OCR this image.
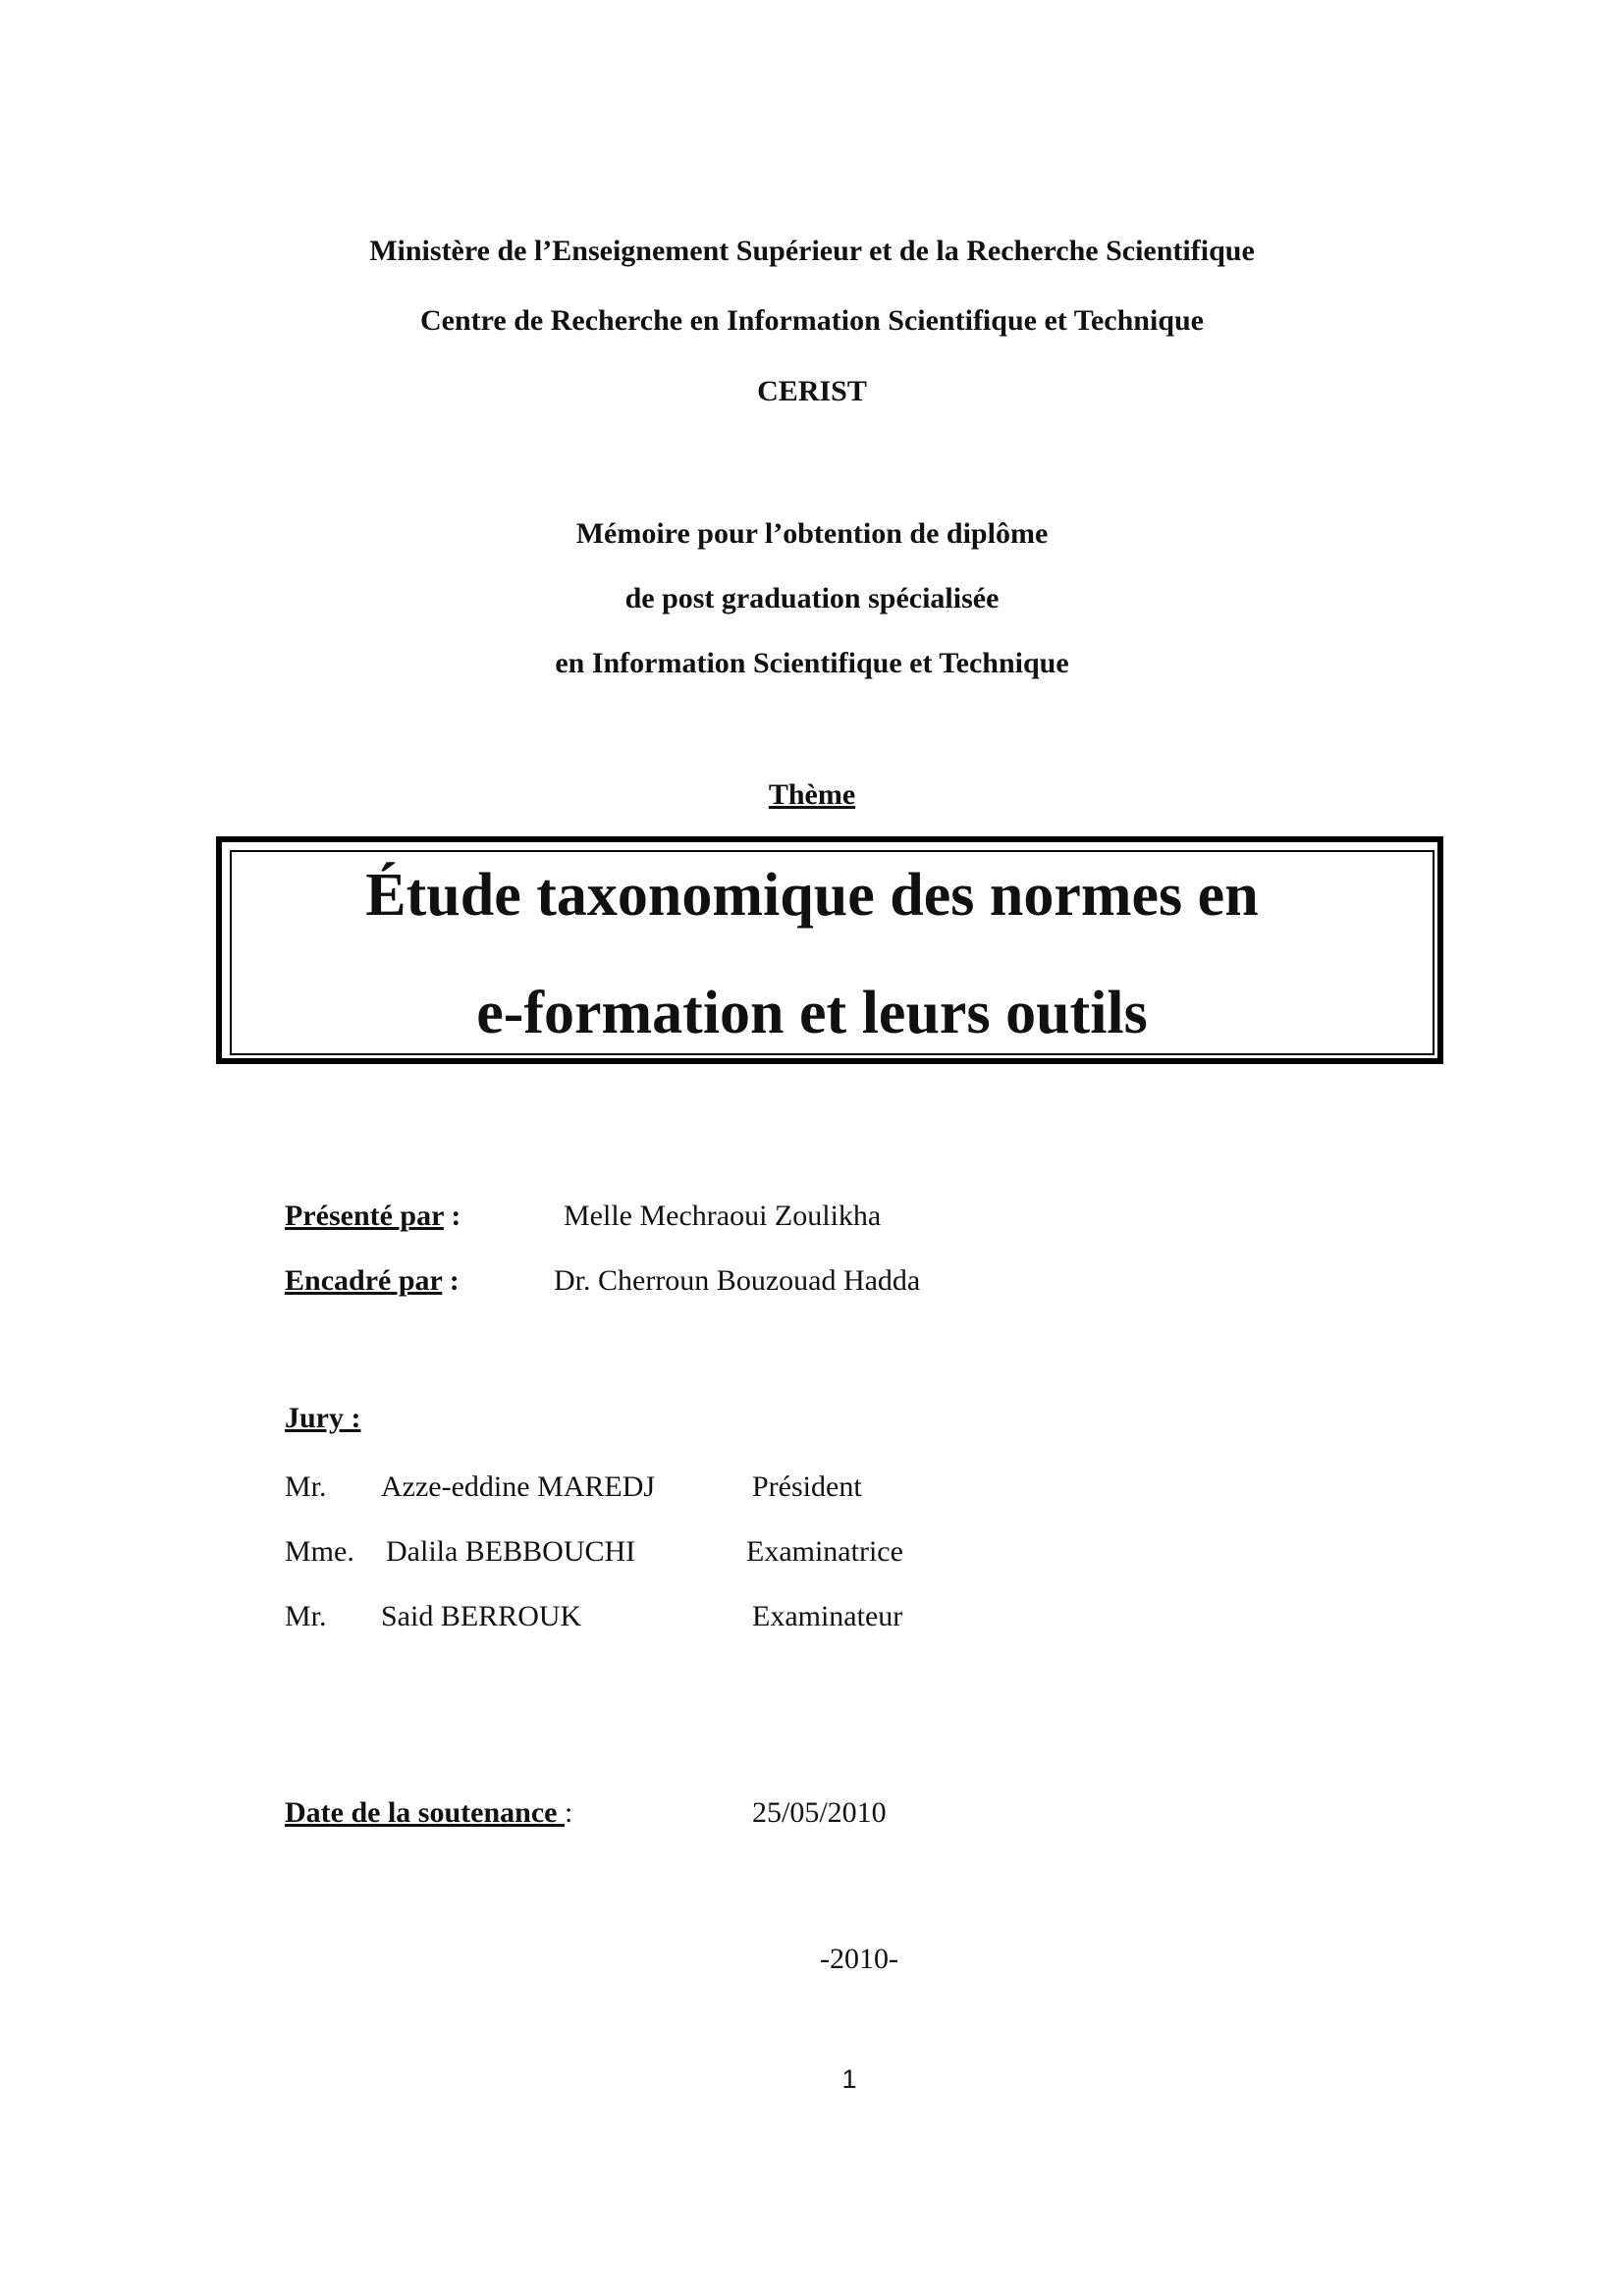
Ministère de l’Enseignement Supérieur et de la Recherche Scientifique
Centre de Recherche en Information Scientifique et Technique
CERIST
Mémoire pour l’obtention de diplôme
de post graduation spécialisée
en Information Scientifique et Technique
Thème
Étude taxonomique des normes en
e-formation et leurs outils
Présenté par :	Melle Mechraoui Zoulikha
Encadré par :	Dr. Cherroun Bouzouad Hadda
Jury :
Mr. Azze-eddine MAREDJ	Président
Mme. Dalila BEBBOUCHI	Examinatrice
Mr. Said BERROUK	Examinateur
Date de la soutenance :	25/05/2010
-2010-
1
